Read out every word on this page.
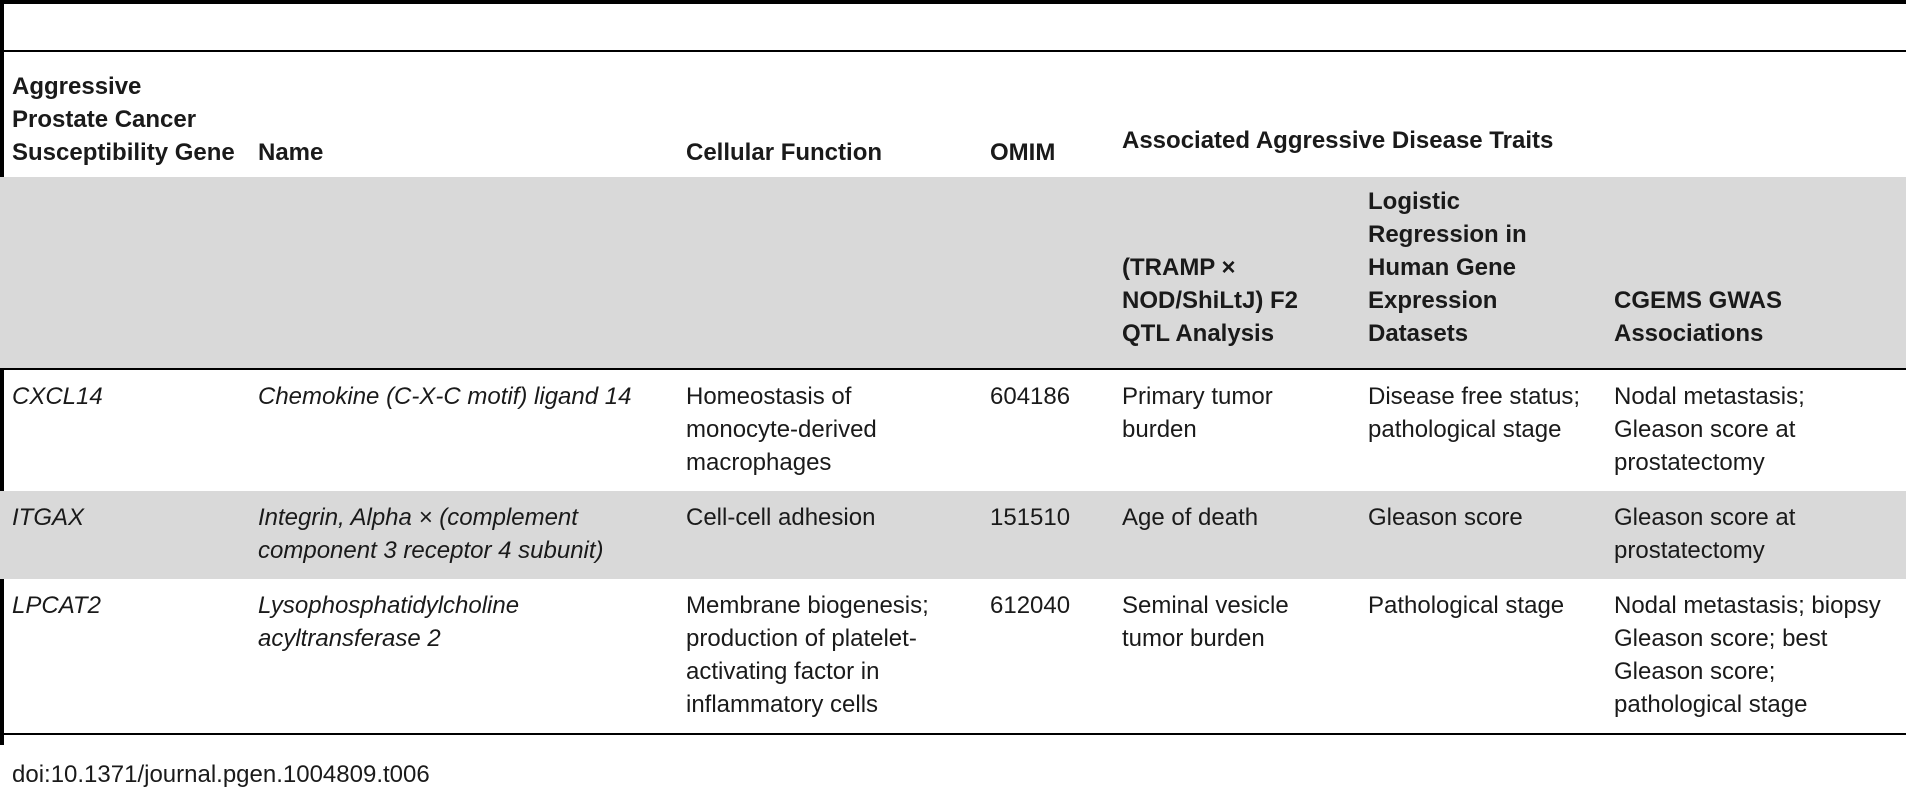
Aggressive Prostate Cancer Susceptibility Gene	Name	Cellular Function	OMIM	Associated Aggressive Disease Traits		
				(TRAMP × NOD/ShiLtJ) F2 QTL Analysis	Logistic Regression in Human Gene Expression Datasets	CGEMS GWAS Associations
CXCL14	Chemokine (C-X-C motif) ligand 14	Homeostasis of monocyte-derived macrophages	604186	Primary tumor burden	Disease free status; pathological stage	Nodal metastasis; Gleason score at prostatectomy
ITGAX	Integrin, Alpha × (complement component 3 receptor 4 subunit)	Cell-cell adhesion	151510	Age of death	Gleason score	Gleason score at prostatectomy
LPCAT2	Lysophosphatidylcholine acyltransferase 2	Membrane biogenesis; production of platelet-activating factor in inflammatory cells	612040	Seminal vesicle tumor burden	Pathological stage	Nodal metastasis; biopsy Gleason score; best Gleason score; pathological stage
doi:10.1371/journal.pgen.1004809.t006
